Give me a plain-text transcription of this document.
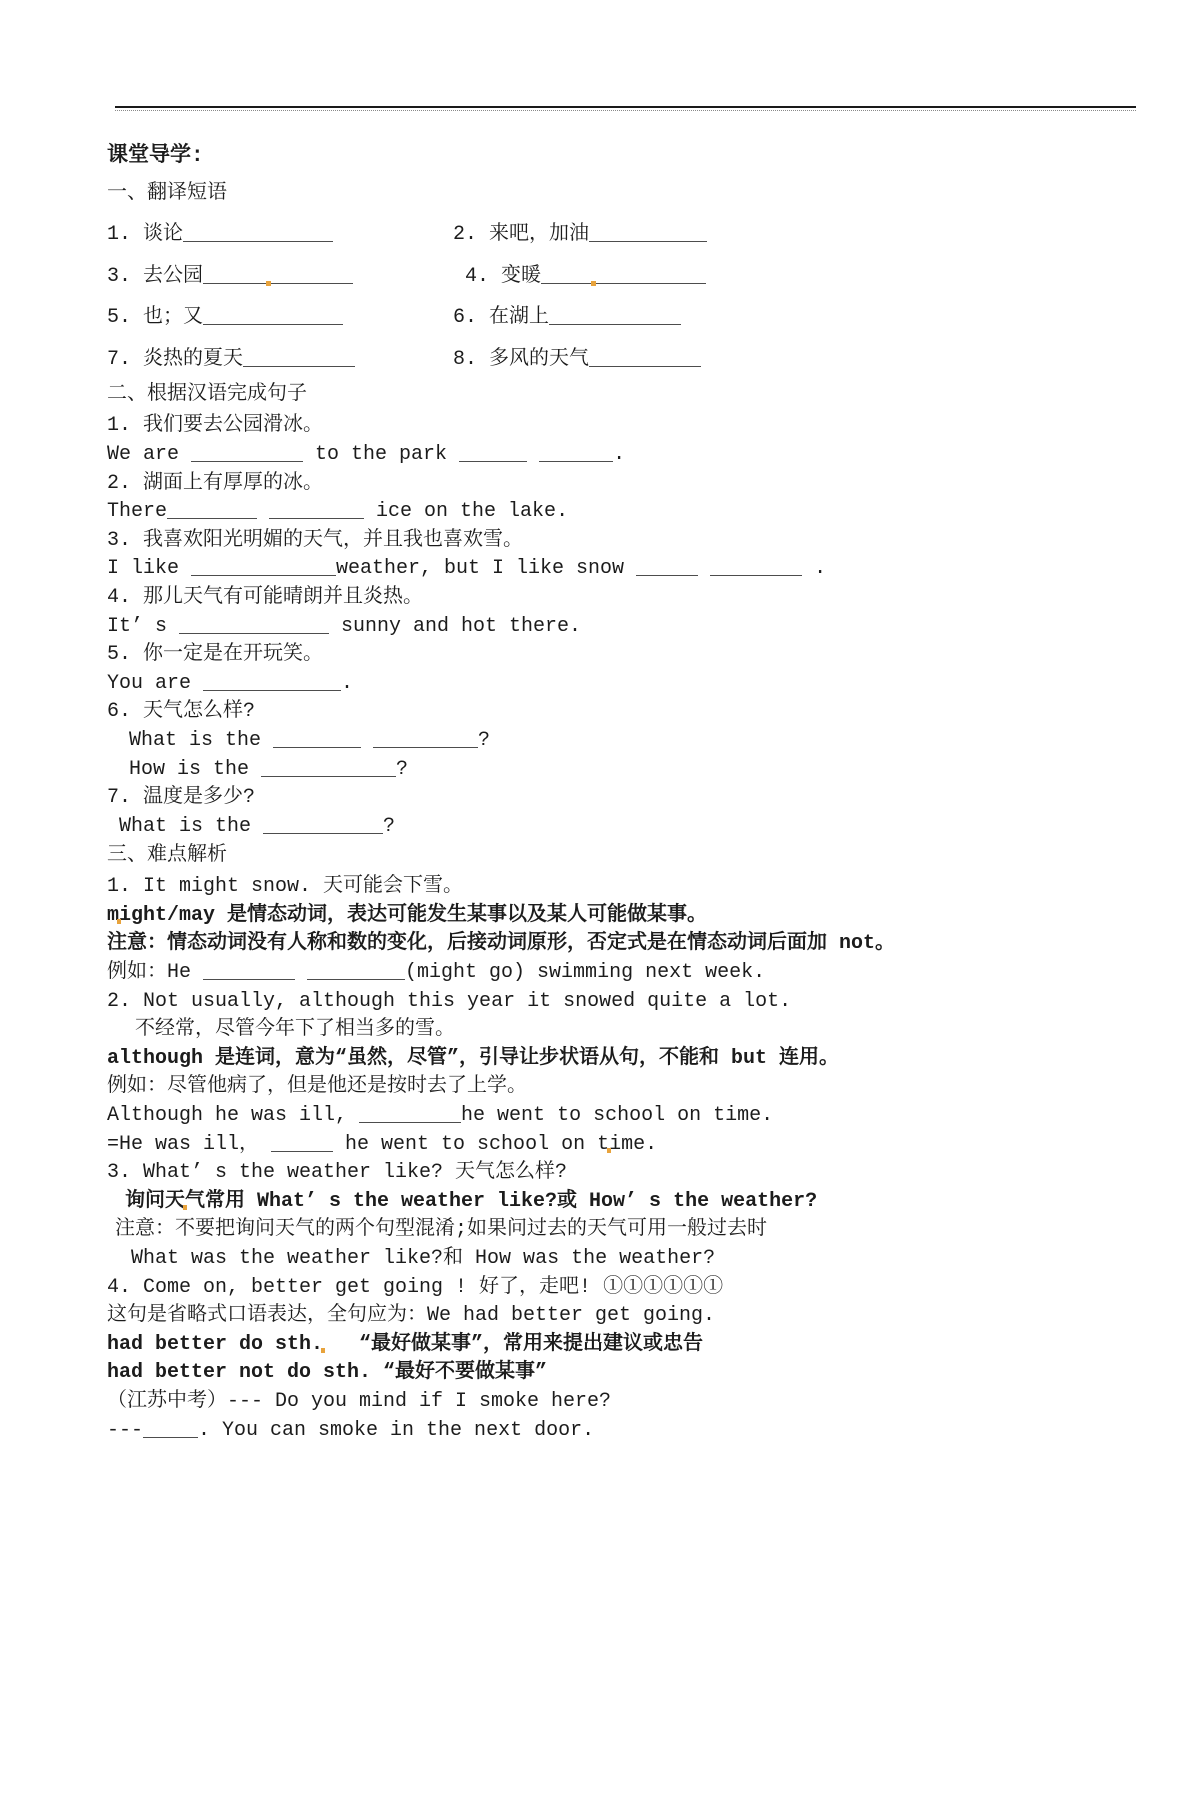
课堂导学:
一、翻译短语
1. 谈论	2. 来吧，加油
3. 去公园	4. 变暖
5. 也；又	6. 在湖上
7. 炎热的夏天	8. 多风的天气
二、根据汉语完成句子
1. 我们要去公园滑冰。
We are	to the park	.
2. 湖面上有厚厚的冰。
There	ice on the lake.
3. 我喜欢阳光明媚的天气，并且我也喜欢雪。
I like	weather, but I like snow	.
4. 那儿天气有可能晴朗并且炎热。
It’ s	sunny and hot there.
5. 你一定是在开玩笑。
You are	.
6. 天气怎么样?
What is the	?
How is the	?
7. 温度是多少?
What is the	?
三、难点解析
1. It might snow. 天可能会下雪。
might/may 是情态动词，表达可能发生某事以及某人可能做某事。
注意：情态动词没有人称和数的变化，后接动词原形，否定式是在情态动词后面加 not。
例如：He	(might go) swimming next week.
2. Not usually, although this year it snowed quite a lot.
不经常，尽管今年下了相当多的雪。
although 是连词，意为“虽然，尽管”，引导让步状语从句，不能和 but 连用。
例如：尽管他病了，但是他还是按时去了上学。
Although he was ill,	he went to school on time.
=He was ill，	he went to school on time.
3. What’ s the weather like? 天气怎么样?
询问天气常用 What’ s the weather like?或 How’ s the weather?
注意：不要把询问天气的两个句型混淆;如果问过去的天气可用一般过去时
What was the weather like?和 How was the weather?
4. Come on, better get going ! 好了，走吧! ①①①①①①
这句是省略式口语表达，全句应为：We had better get going.
had better do sth.   “最好做某事”，常用来提出建议或忠告
had better not do sth. “最好不要做某事”
（江苏中考）--- Do you mind if I smoke here?
---	. You can smoke in the next door.
